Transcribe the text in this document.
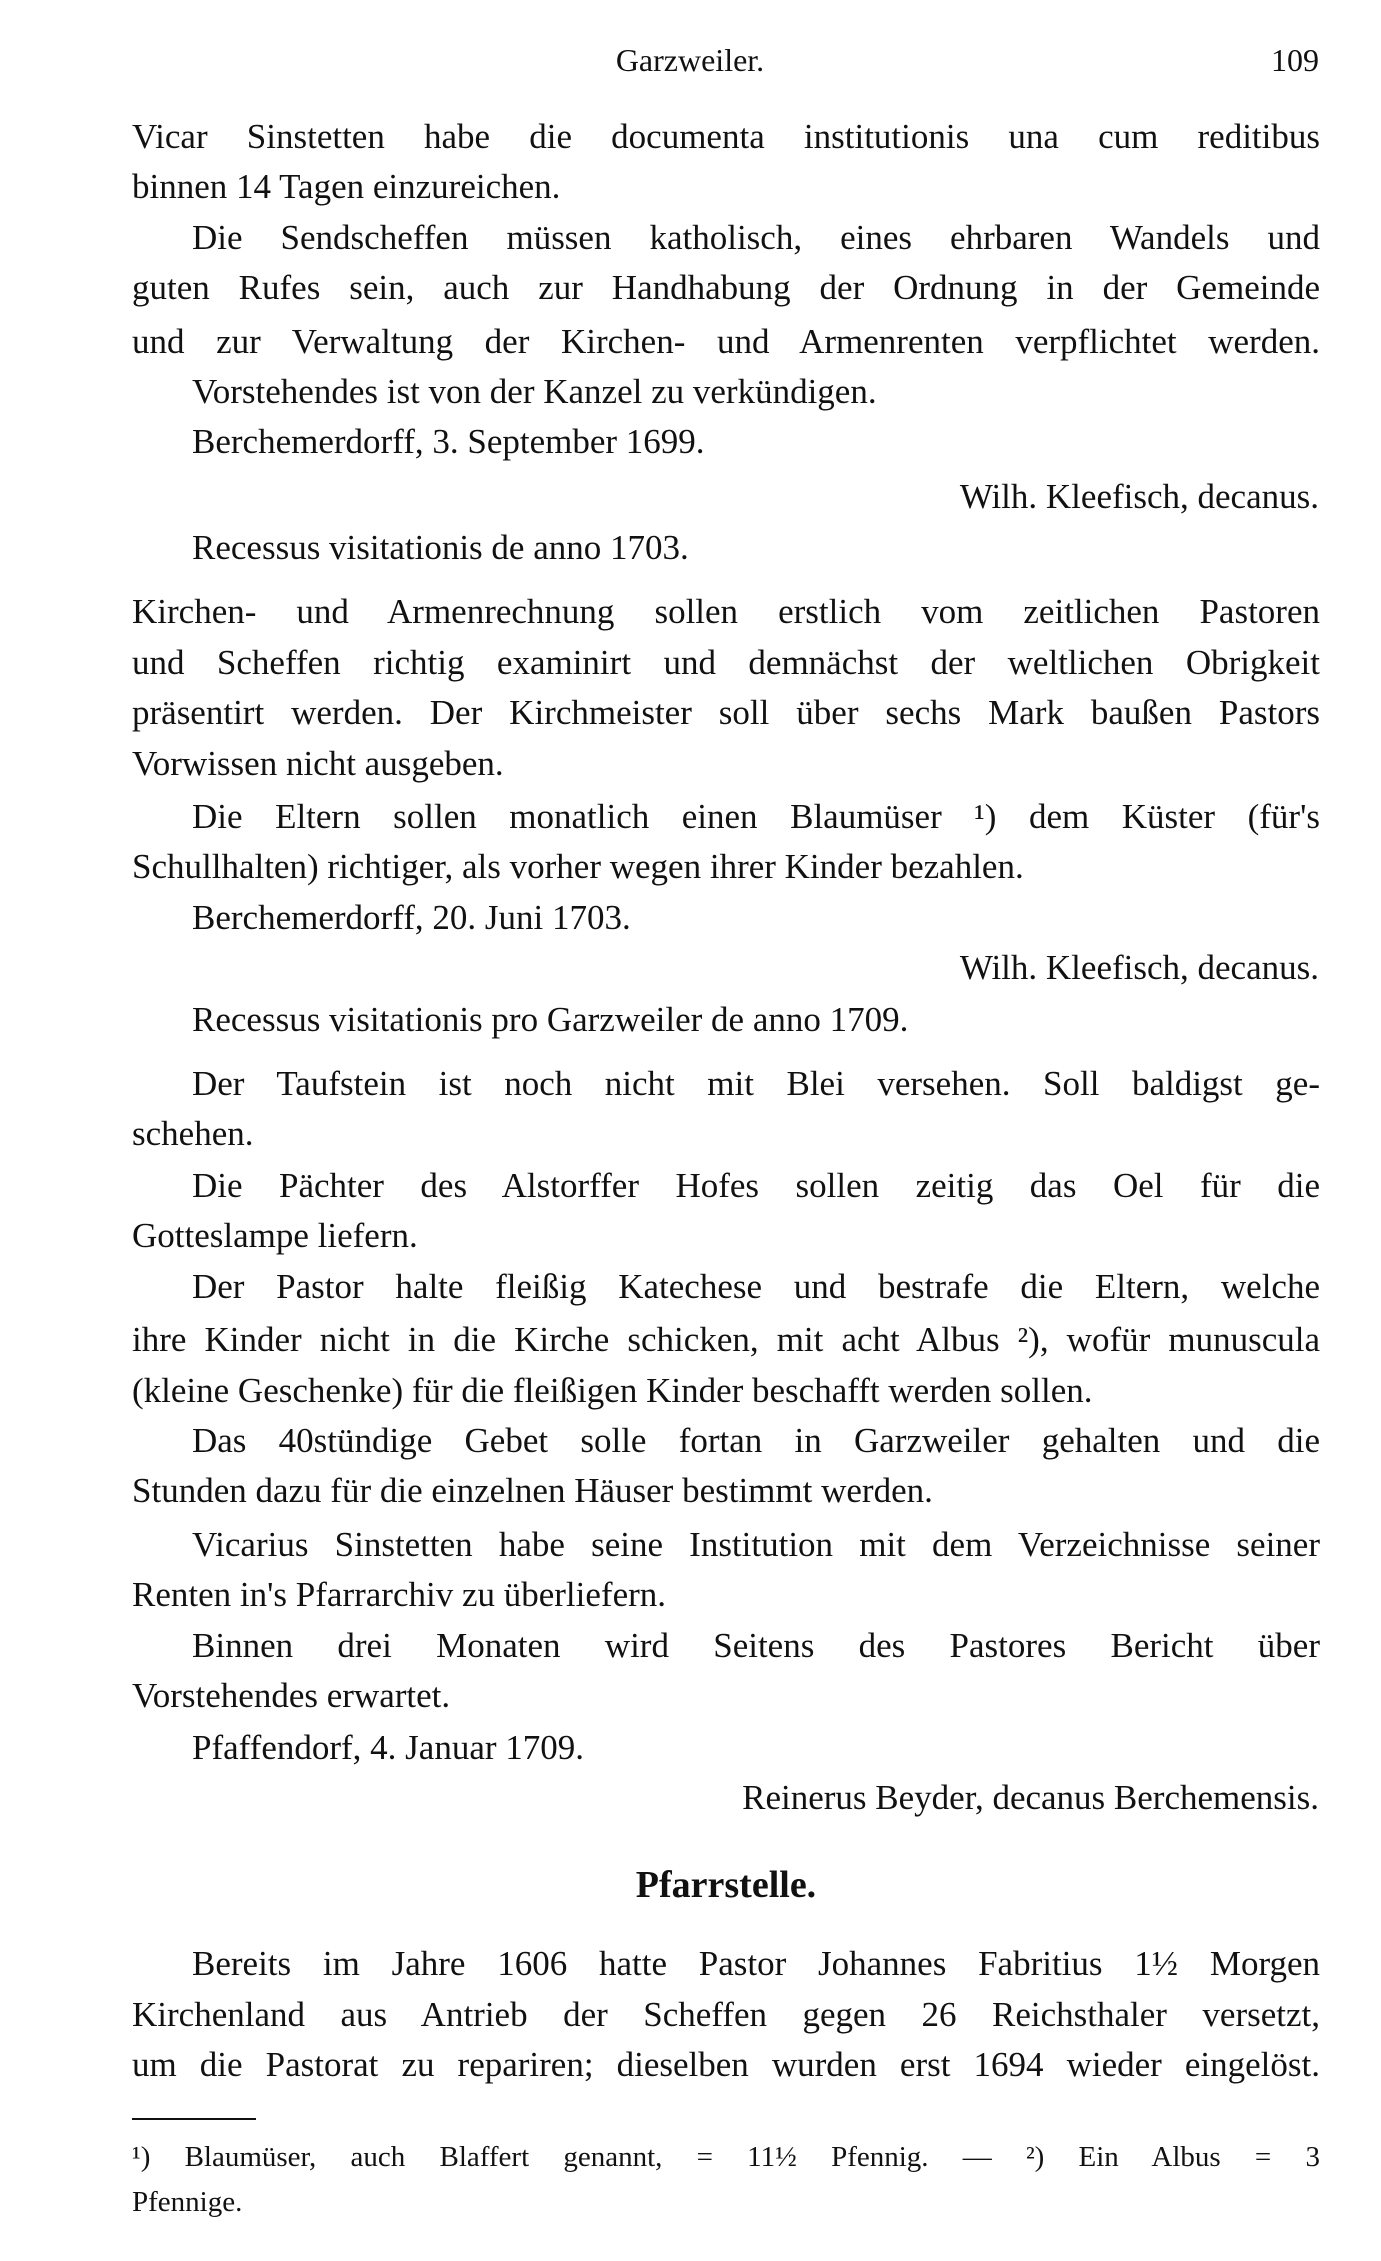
Garzweiler.	109
Vicar Sinstetten habe die documenta institutionis una cum reditibus
binnen 14 Tagen einzureichen.
Die Sendscheffen müssen katholisch, eines ehrbaren Wandels und
guten Rufes sein, auch zur Handhabung der Ordnung in der Gemeinde
und zur Verwaltung der Kirchen- und Armenrenten verpflichtet werden.
Vorstehendes ist von der Kanzel zu verkündigen.
Berchemerdorff, 3. September 1699.
Wilh. Kleefisch, decanus.
Recessus visitationis de anno 1703.
Kirchen- und Armenrechnung sollen erstlich vom zeitlichen Pastoren
und Scheffen richtig examinirt und demnächst der weltlichen Obrigkeit
präsentirt werden. Der Kirchmeister soll über sechs Mark baußen Pastors
Vorwissen nicht ausgeben.
Die Eltern sollen monatlich einen Blaumüser ¹) dem Küster (für's
Schullhalten) richtiger, als vorher wegen ihrer Kinder bezahlen.
Berchemerdorff, 20. Juni 1703.
Wilh. Kleefisch, decanus.
Recessus visitationis pro Garzweiler de anno 1709.
Der Taufstein ist noch nicht mit Blei versehen. Soll baldigst ge-
schehen.
Die Pächter des Alstorffer Hofes sollen zeitig das Oel für die
Gotteslampe liefern.
Der Pastor halte fleißig Katechese und bestrafe die Eltern, welche
ihre Kinder nicht in die Kirche schicken, mit acht Albus ²), wofür munuscula
(kleine Geschenke) für die fleißigen Kinder beschafft werden sollen.
Das 40stündige Gebet solle fortan in Garzweiler gehalten und die
Stunden dazu für die einzelnen Häuser bestimmt werden.
Vicarius Sinstetten habe seine Institution mit dem Verzeichnisse seiner
Renten in's Pfarrarchiv zu überliefern.
Binnen drei Monaten wird Seitens des Pastores Bericht über
Vorstehendes erwartet.
Pfaffendorf, 4. Januar 1709.
Reinerus Beyder, decanus Berchemensis.
Pfarrstelle.
Bereits im Jahre 1606 hatte Pastor Johannes Fabritius 1½ Morgen
Kirchenland aus Antrieb der Scheffen gegen 26 Reichsthaler versetzt,
um die Pastorat zu repariren; dieselben wurden erst 1694 wieder eingelöst.
¹) Blaumüser, auch Blaffert genannt, = 11½ Pfennig. — ²) Ein Albus = 3
Pfennige.
